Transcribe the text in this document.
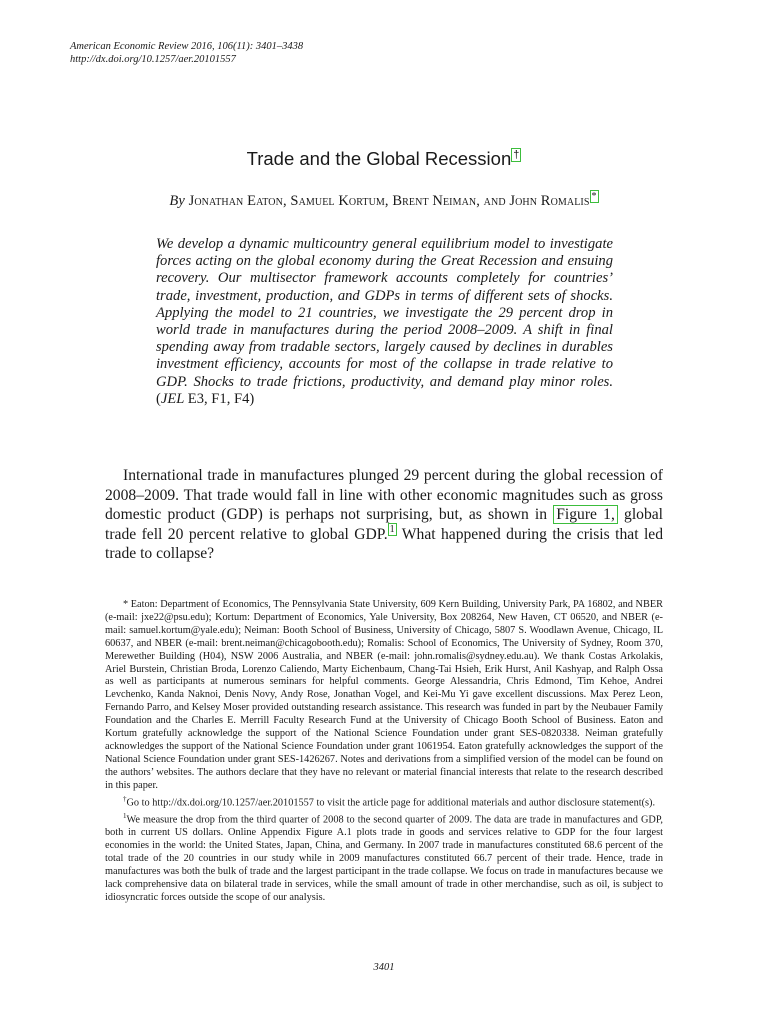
American Economic Review 2016, 106(11): 3401–3438
http://dx.doi.org/10.1257/aer.20101557
Trade and the Global Recession †
By Jonathan Eaton, Samuel Kortum, Brent Neiman, and John Romalis *
We develop a dynamic multicountry general equilibrium model to investigate forces acting on the global economy during the Great Recession and ensuing recovery. Our multisector framework accounts completely for countries’ trade, investment, production, and GDPs in terms of different sets of shocks. Applying the model to 21 countries, we investigate the 29 percent drop in world trade in manufactures during the period 2008–2009. A shift in final spending away from tradable sectors, largely caused by declines in durables investment efficiency, accounts for most of the collapse in trade relative to GDP. Shocks to trade frictions, productivity, and demand play minor roles. (JEL E3, F1, F4)
International trade in manufactures plunged 29 percent during the global recession of 2008–2009. That trade would fall in line with other economic magnitudes such as gross domestic product (GDP) is perhaps not surprising, but, as shown in Figure 1, global trade fell 20 percent relative to global GDP. $^1$ What happened during the crisis that led trade to collapse?

* Eaton: Department of Economics, The Pennsylvania State University, 609 Kern Building, University Park, PA 16802, and NBER (e-mail: jxe22@psu.edu); Kortum: Department of Economics, Yale University, Box 208264, New Haven, CT 06520, and NBER (e-mail: samuel.kortum@yale.edu); Neiman: Booth School of Business, University of Chicago, 5807 S. Woodlawn Avenue, Chicago, IL 60637, and NBER (e-mail: brent.neiman@chicagobooth.edu); Romalis: School of Economics, The University of Sydney, Room 370, Merewether Building (H04), NSW 2006 Australia, and NBER (e-mail: john.romalis@sydney.edu.au). We thank Costas Arkolakis, Ariel Burstein, Christian Broda, Lorenzo Caliendo, Marty Eichenbaum, Chang-Tai Hsieh, Erik Hurst, Anil Kashyap, and Ralph Ossa as well as participants at numerous seminars for helpful comments. George Alessandria, Chris Edmond, Tim Kehoe, Andrei Levchenko, Kanda Naknoi, Denis Novy, Andy Rose, Jonathan Vogel, and Kei-Mu Yi gave excellent discussions. Max Perez Leon, Fernando Parro, and Kelsey Moser provided outstanding research assistance. This research was funded in part by the Neubauer Family Foundation and the Charles E. Merrill Faculty Research Fund at the University of Chicago Booth School of Business. Eaton and Kortum gratefully acknowledge the support of the National Science Foundation under grant SES-0820338. Neiman gratefully acknowledges the support of the National Science Foundation under grant 1061954. Eaton gratefully acknowledges the support of the National Science Foundation under grant SES-1426267. Notes and derivations from a simplified version of the model can be found on the authors’ websites. The authors declare that they have no relevant or material financial interests that relate to the research described in this paper.

†Go to http://dx.doi.org/10.1257/aer.20101557 to visit the article page for additional materials and author disclosure statement(s).

$^1$We measure the drop from the third quarter of 2008 to the second quarter of 2009. The data are trade in manufactures and GDP, both in current US dollars. Online Appendix Figure A.1 plots trade in goods and services relative to GDP for the four largest economies in the world: the United States, Japan, China, and Germany. In 2007 trade in manufactures constituted 68.6 percent of the total trade of the 20 countries in our study while in 2009 manufactures constituted 66.7 percent of their trade. Hence, trade in manufactures was both the bulk of trade and the largest participant in the trade collapse. We focus on trade in manufactures because we lack comprehensive data on bilateral trade in services, while the small amount of trade in other merchandise, such as oil, is subject to idiosyncratic forces outside the scope of our analysis.

3401
